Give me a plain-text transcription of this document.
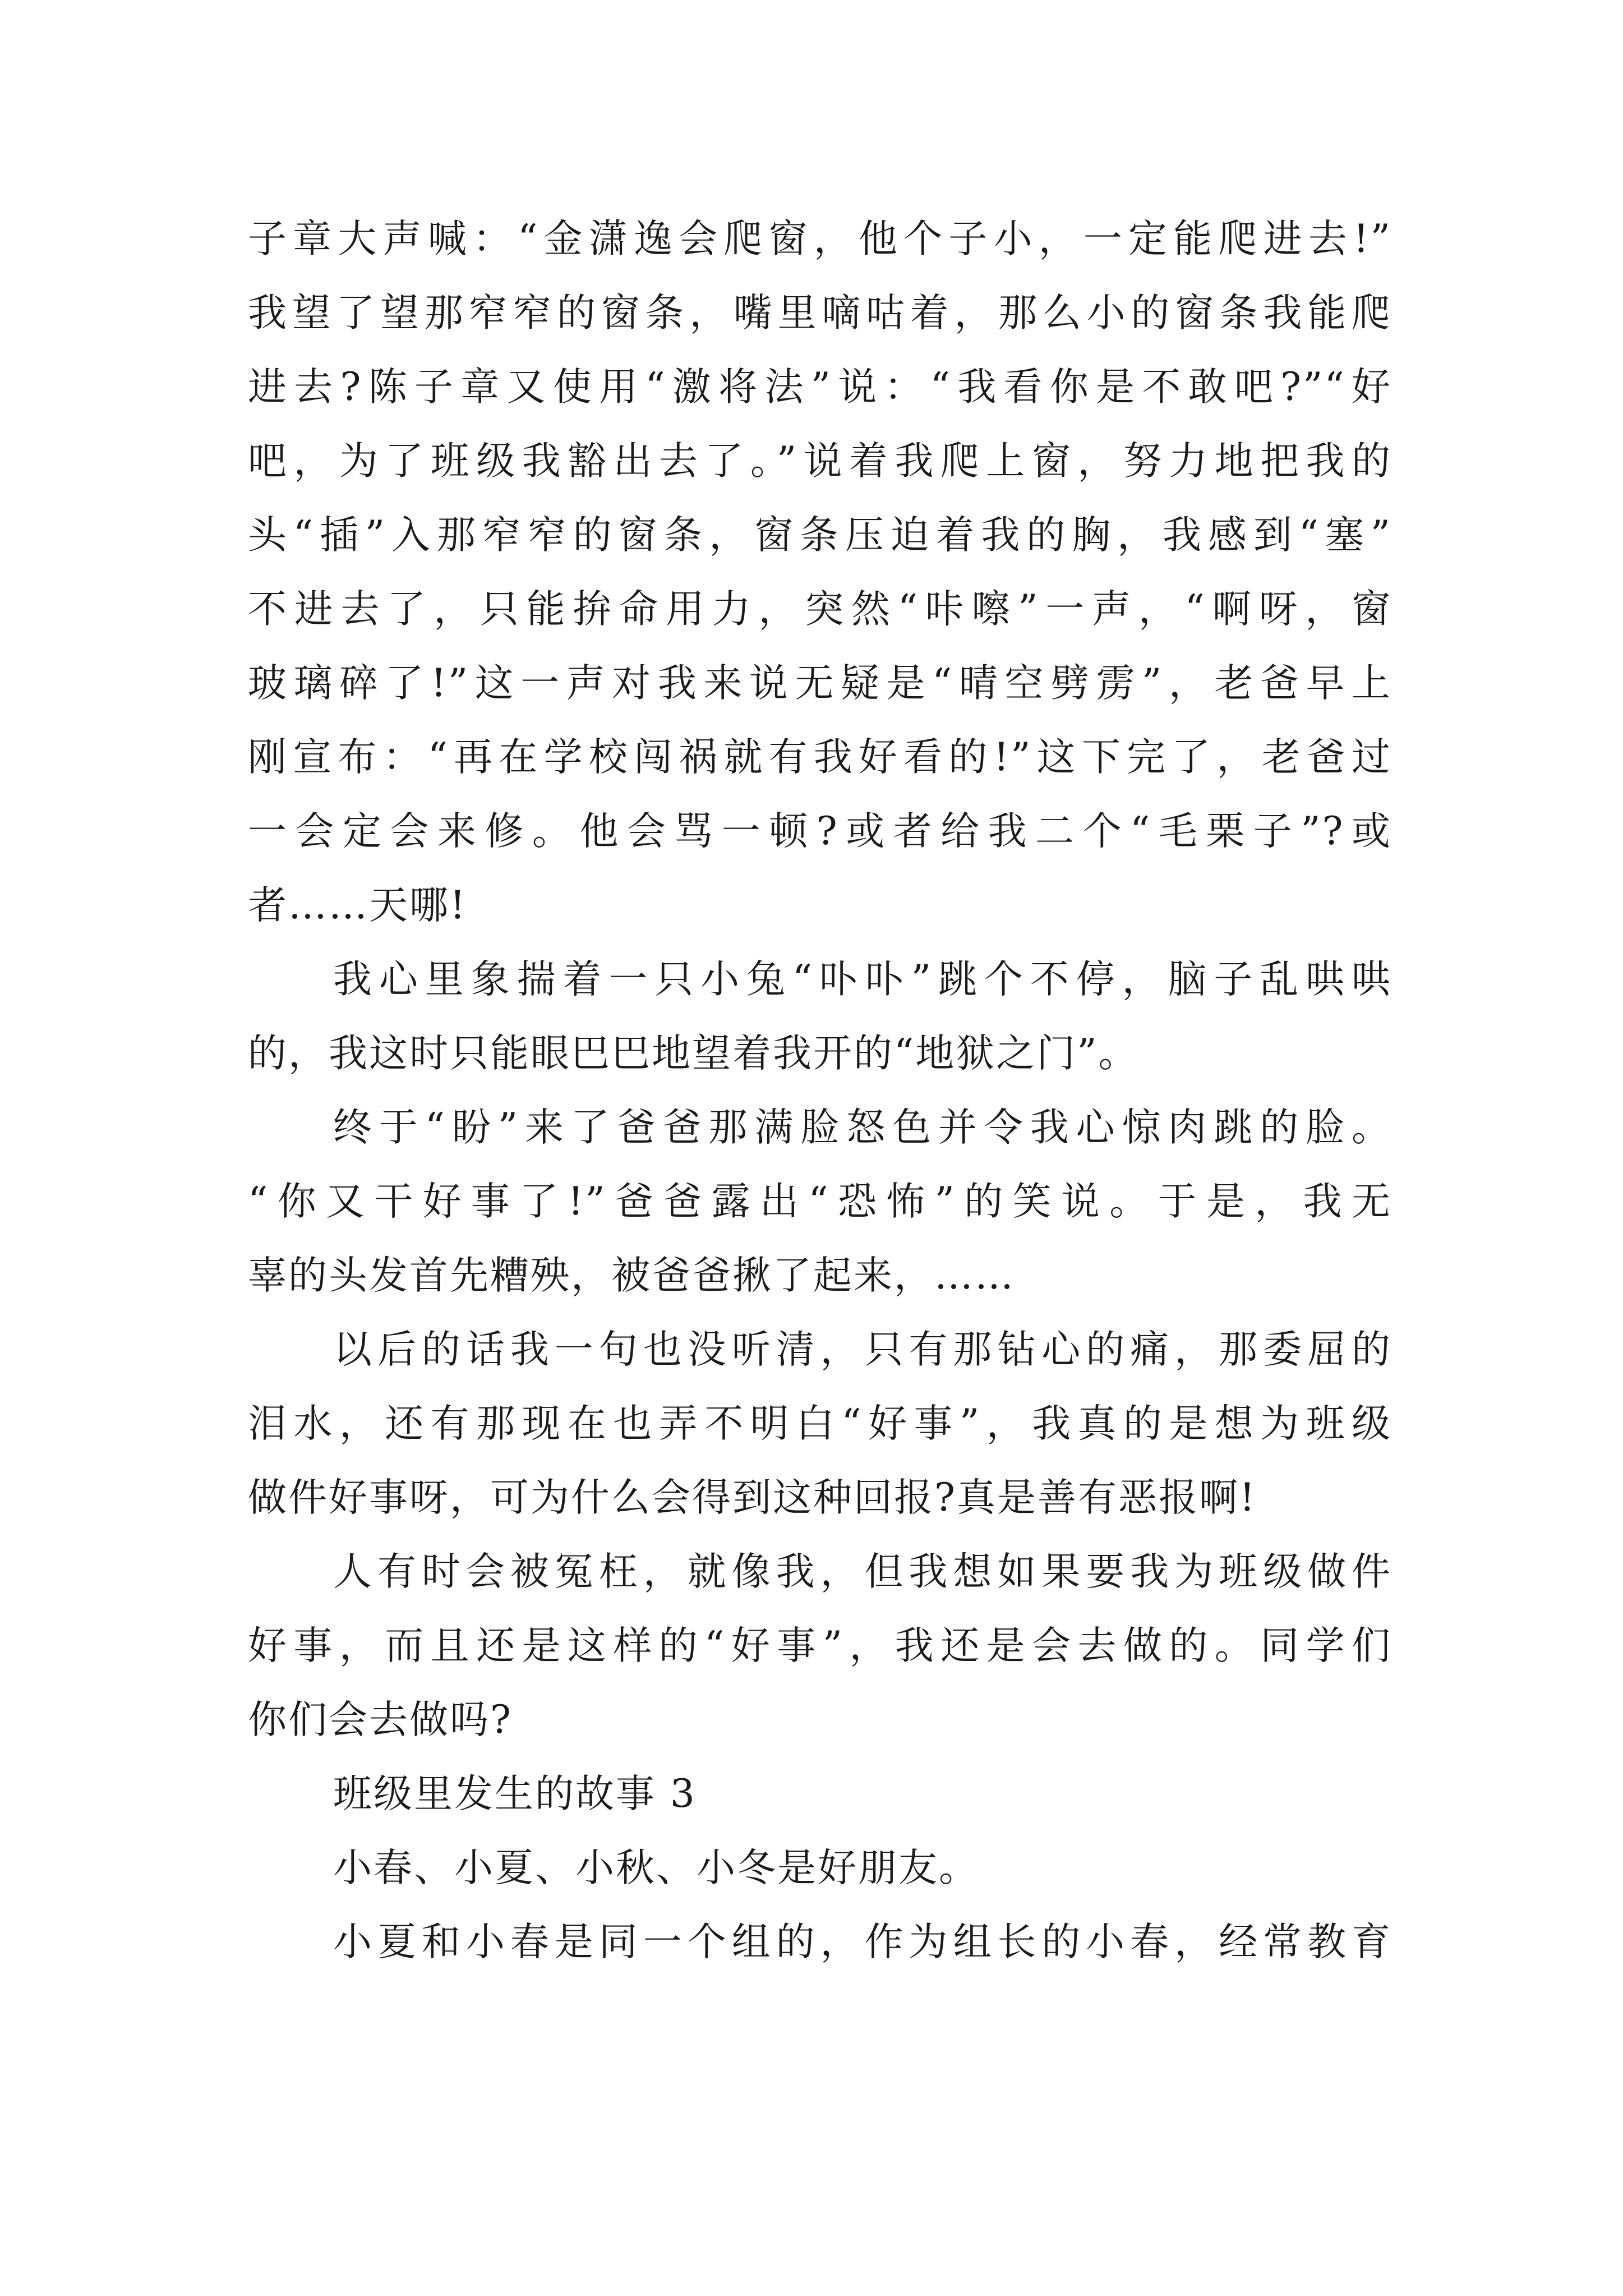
子章大声喊：“金潇逸会爬窗，他个子小，一定能爬进去!”
我望了望那窄窄的窗条，嘴里嘀咕着，那么小的窗条我能爬
进去?陈子章又使用“激将法”说：“我看你是不敢吧?”“好
吧，为了班级我豁出去了。”说着我爬上窗，努力地把我的
头“插”入那窄窄的窗条，窗条压迫着我的胸，我感到“塞”
不进去了，只能拚命用力，突然“咔嚓”一声，“啊呀，窗
玻璃碎了!”这一声对我来说无疑是“晴空劈雳”，老爸早上
刚宣布：“再在学校闯祸就有我好看的!”这下完了，老爸过
一会定会来修。他会骂一顿?或者给我二个“毛栗子”?或
者……天哪!
我心里象揣着一只小兔“卟卟”跳个不停，脑子乱哄哄
的，我这时只能眼巴巴地望着我开的“地狱之门”。
终于“盼”来了爸爸那满脸怒色并令我心惊肉跳的脸。
“你又干好事了!”爸爸露出“恐怖”的笑说。于是，我无
辜的头发首先糟殃，被爸爸揪了起来，……
以后的话我一句也没听清，只有那钻心的痛，那委屈的
泪水，还有那现在也弄不明白“好事”，我真的是想为班级
做件好事呀，可为什么会得到这种回报?真是善有恶报啊!
人有时会被冤枉，就像我，但我想如果要我为班级做件
好事，而且还是这样的“好事”，我还是会去做的。同学们
你们会去做吗?
班级里发生的故事 3
小春、小夏、小秋、小冬是好朋友。
小夏和小春是同一个组的，作为组长的小春，经常教育
